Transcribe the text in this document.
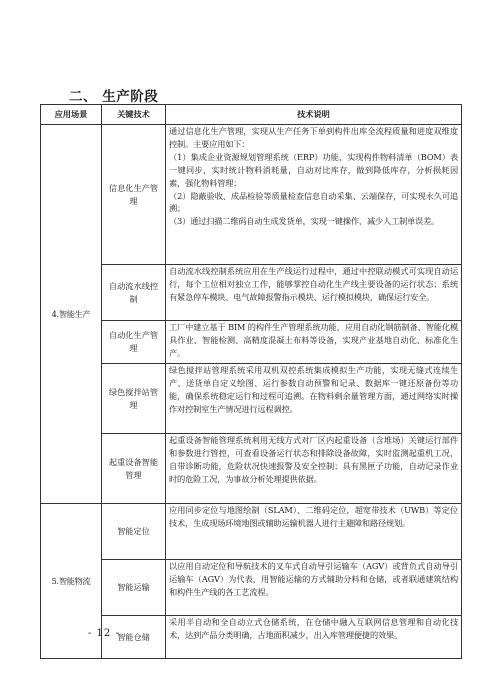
二、 生产阶段
应用场景	关键技术	技术说明
4.智能生产	信息化生产管理	通过信息化生产管理，实现从生产任务下单到构件出库全流程质量和进度双维度控制。主要应用如下：
（1）集成企业资源规划管理系统（ERP）功能，实现构件物料清单（BOM）表一键同步，实时统计物料消耗量，自动对比库存，做到降低库存，分析损耗因素，强化物料管理；
（2）隐蔽验收、成品检验等质量检查信息自动采集、云端保存，可实现永久可追溯；
（3）通过扫描二维码自动生成发货单，实现一键操作，减少人工制单误差。

	自动流水线控制	自动流水线控制系统应用在生产线运行过程中，通过中控联动模式可实现自动运行，每个工位相对独立工作，能够掌控自动化生产线主要设备的运行状态；系统有紧急停车模块、电气故障报警指示模块、运行模拟模块，确保运行安全。
	自动化生产管理	工厂中建立基于 BIM 的构件生产管理系统功能，应用自动化钢筋制备、智能化模具作业、智能检测、高精度混凝土布料等设备，实现产业基地自动化、标准化生产。
	绿色搅拌站管理	绿色搅拌站管理系统采用双机双控系统集成模拟生产功能，实现无缝式连续生产、送货单自定义绘图、运行参数自动预警和记录、数据库一键还原备份等功能，确保系统稳定运行和过程可追溯。在物料剩余量管理方面，通过网络实时操作对控制室生产情况进行远程调控。
	起重设备智能管理	起重设备智能管理系统利用无线方式对厂区内起重设备（含堆场）关键运行部件和参数进行管控，可查看设备运行状态和排除设备故障，实时监测起重机工况，自带诊断功能，危险状况快速报警及安全控制；具有黑匣子功能，自动记录作业时的危险工况，为事故分析处理提供依据。
5.智能物流	智能定位	应用同步定位与地图绘制（SLAM）、二维码定位，超宽带技术（UWB）等定位技术，生成现场环境地图或辅助运输机器人进行主避障和路径规划。
	智能运输	以应用自动定位和导航技术的叉车式自动导引运输车（AGV）或背负式自动导引运输车（AGV）为代表，用智能运输的方式辅助分料和仓储，或者联通建筑结构和构件生产线的各工艺流程。
	智能仓储	采用半自动和全自动立式仓储系统，在仓储中融入互联网信息管理和自动化技术，达到产品分类明确，占地面积减少，出入库管理便捷的效果。
- 12 -
